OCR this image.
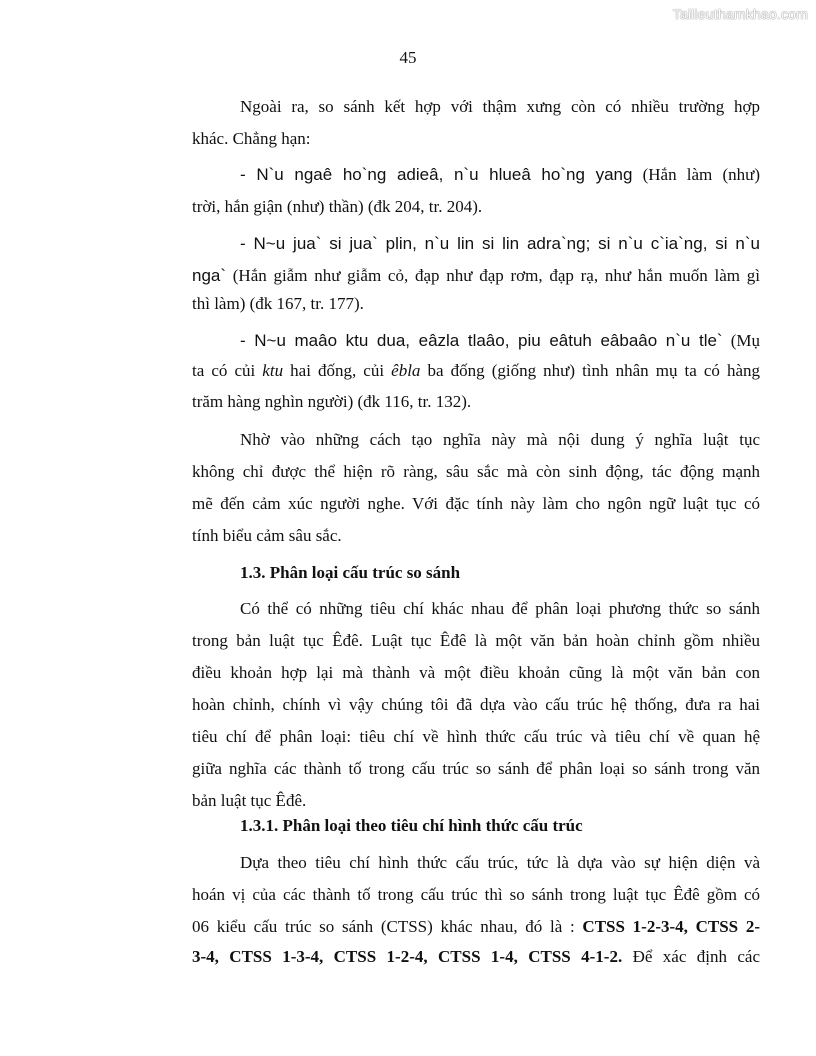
Tailieuthamkhao.com
45
Ngoài ra, so sánh kết hợp với thậm xưng còn có nhiều trường hợp
khác. Chẳng hạn:
- N`u ngaê ho`ng adieâ, n`u hlueâ ho`ng yang (Hắn làm (như)
trời, hắn giận (như) thần) (đk 204, tr. 204).
- N~u jua` si jua` plin, n`u lin si lin adra`ng; si n`u c`ia`ng, si n`u
nga` (Hắn giẫm như giẫm cỏ, đạp như đạp rơm, đạp rạ, như hắn muốn làm gì
thì làm) (đk 167, tr. 177).
- N~u maâo ktu dua, eâzla tlaâo, piu eâtuh eâbaâo n`u tle` (Mụ
ta có củi ktu hai đống, củi êbla ba đống (giống như) tình nhân mụ ta có hàng
trăm hàng nghìn người) (đk 116, tr. 132).
Nhờ vào những cách tạo nghĩa này mà nội dung ý nghĩa luật tục
không chỉ được thể hiện rõ ràng, sâu sắc mà còn sinh động, tác động mạnh
mẽ đến cảm xúc người nghe. Với đặc tính này làm cho ngôn ngữ luật tục có
tính biểu cảm sâu sắc.
1.3. Phân loại cấu trúc so sánh
Có thể có những tiêu chí khác nhau để phân loại phương thức so sánh
trong bản luật tục Êđê. Luật tục Êđê là một văn bản hoàn chỉnh gồm nhiều
điều khoản hợp lại mà thành và một điều khoản cũng là một văn bản con
hoàn chỉnh, chính vì vậy chúng tôi đã dựa vào cấu trúc hệ thống, đưa ra hai
tiêu chí để phân loại: tiêu chí về hình thức cấu trúc và tiêu chí về quan hệ
giữa nghĩa các thành tố trong cấu trúc so sánh để phân loại so sánh trong văn
bản luật tục Êđê.
1.3.1. Phân loại theo tiêu chí hình thức cấu trúc
Dựa theo tiêu chí hình thức cấu trúc, tức là dựa vào sự hiện diện và
hoán vị của các thành tố trong cấu trúc thì so sánh trong luật tục Êđê gồm có
06 kiểu cấu trúc so sánh (CTSS) khác nhau, đó là : CTSS 1-2-3-4, CTSS 2-
3-4, CTSS 1-3-4, CTSS 1-2-4, CTSS 1-4, CTSS 4-1-2. Để xác định các
